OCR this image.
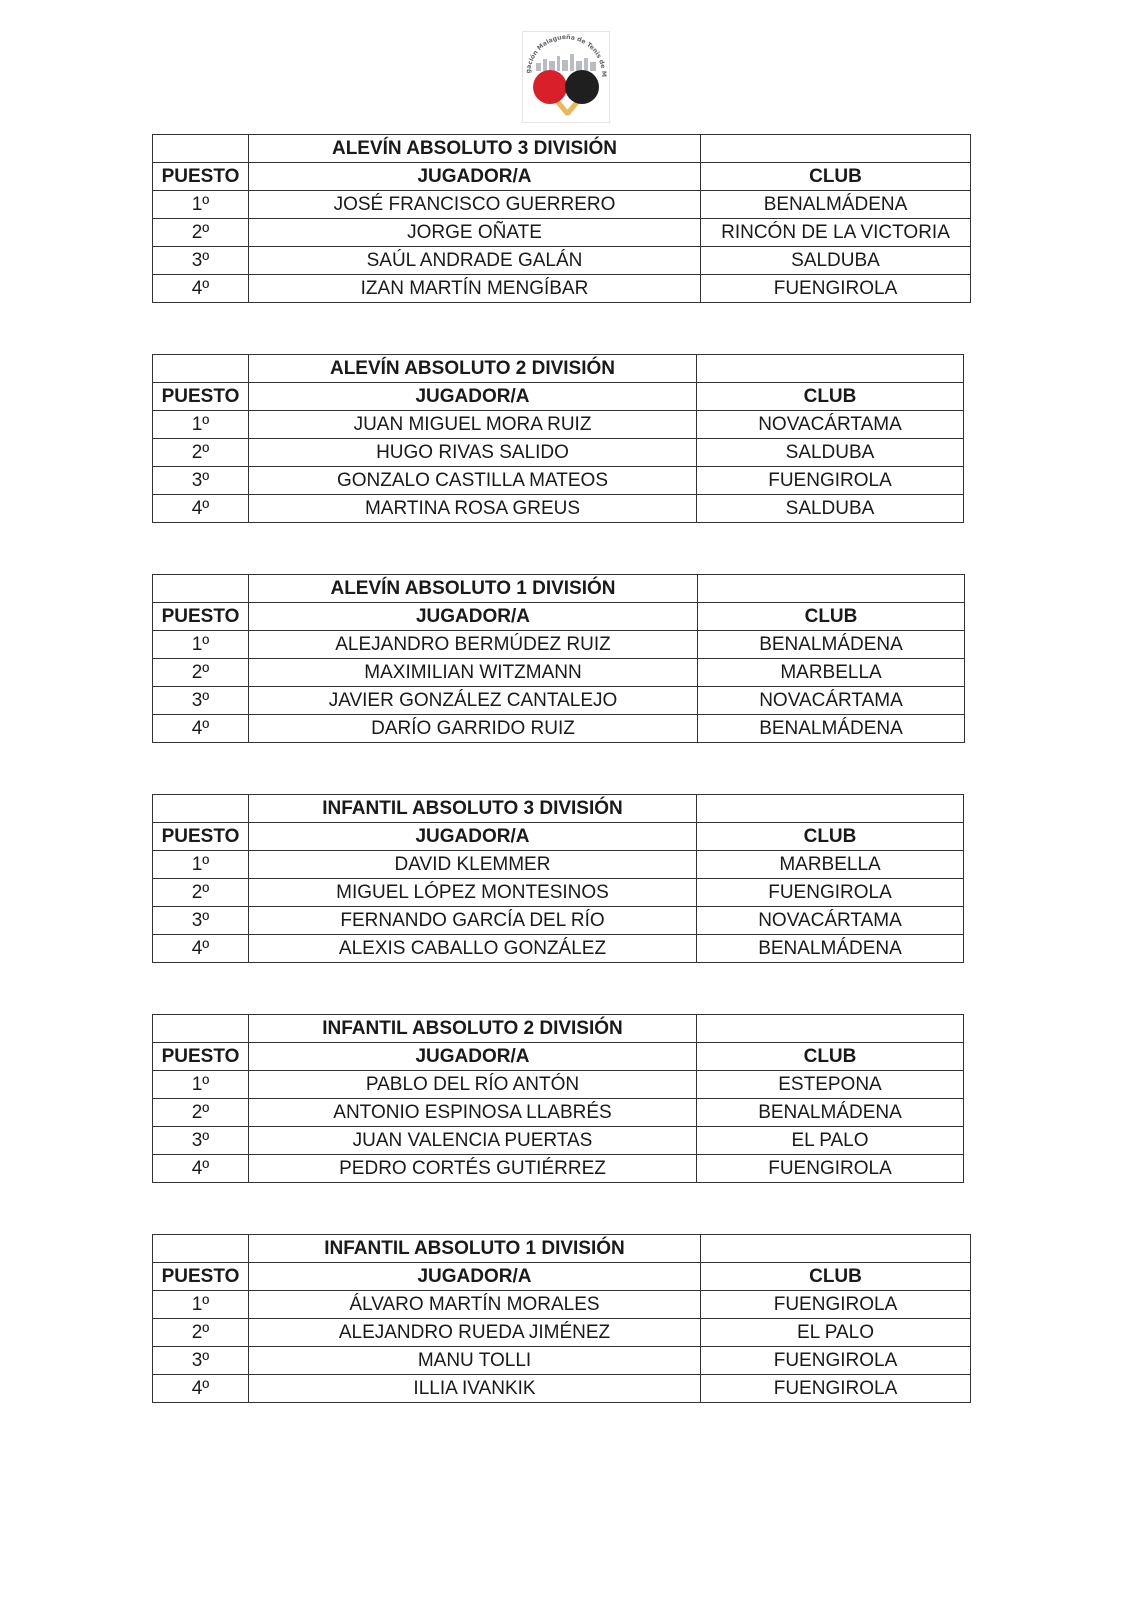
gación Malagueña de Tenis de M
	ALEVÍN ABSOLUTO 3 DIVISIÓN	
PUESTO	JUGADOR/A	CLUB
1º	JOSÉ FRANCISCO GUERRERO	BENALMÁDENA
2º	JORGE OÑATE	RINCÓN DE LA VICTORIA
3º	SAÚL ANDRADE GALÁN	SALDUBA
4º	IZAN MARTÍN MENGÍBAR	FUENGIROLA
	ALEVÍN ABSOLUTO 2 DIVISIÓN	
PUESTO	JUGADOR/A	CLUB
1º	JUAN MIGUEL MORA RUIZ	NOVACÁRTAMA
2º	HUGO RIVAS SALIDO	SALDUBA
3º	GONZALO CASTILLA MATEOS	FUENGIROLA
4º	MARTINA ROSA GREUS	SALDUBA
	ALEVÍN ABSOLUTO 1 DIVISIÓN	
PUESTO	JUGADOR/A	CLUB
1º	ALEJANDRO BERMÚDEZ RUIZ	BENALMÁDENA
2º	MAXIMILIAN WITZMANN	MARBELLA
3º	JAVIER GONZÁLEZ CANTALEJO	NOVACÁRTAMA
4º	DARÍO GARRIDO RUIZ	BENALMÁDENA
	INFANTIL ABSOLUTO 3 DIVISIÓN	
PUESTO	JUGADOR/A	CLUB
1º	DAVID KLEMMER	MARBELLA
2º	MIGUEL LÓPEZ MONTESINOS	FUENGIROLA
3º	FERNANDO GARCÍA DEL RÍO	NOVACÁRTAMA
4º	ALEXIS CABALLO GONZÁLEZ	BENALMÁDENA
	INFANTIL ABSOLUTO 2 DIVISIÓN	
PUESTO	JUGADOR/A	CLUB
1º	PABLO DEL RÍO ANTÓN	ESTEPONA
2º	ANTONIO ESPINOSA LLABRÉS	BENALMÁDENA
3º	JUAN VALENCIA PUERTAS	EL PALO
4º	PEDRO CORTÉS GUTIÉRREZ	FUENGIROLA
	INFANTIL ABSOLUTO 1 DIVISIÓN	
PUESTO	JUGADOR/A	CLUB
1º	ÁLVARO MARTÍN MORALES	FUENGIROLA
2º	ALEJANDRO RUEDA JIMÉNEZ	EL PALO
3º	MANU TOLLI	FUENGIROLA
4º	ILLIA IVANKIK	FUENGIROLA
